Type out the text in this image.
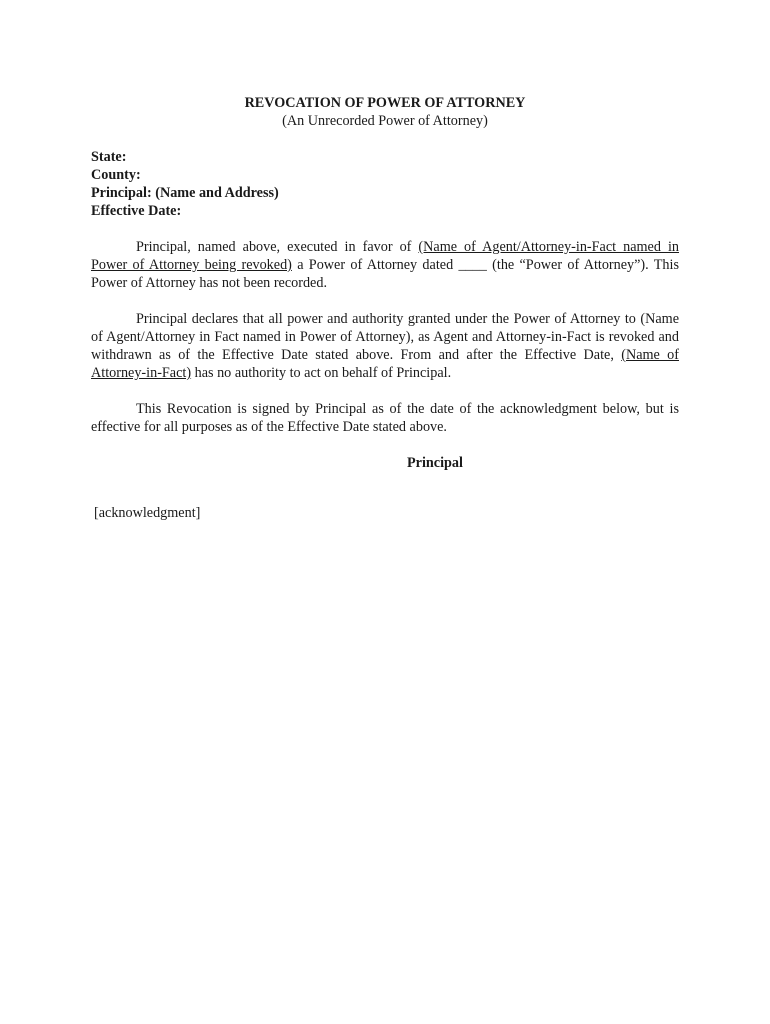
REVOCATION OF POWER OF ATTORNEY
(An Unrecorded Power of Attorney)
State:
County:
Principal: (Name and Address)
Effective Date:

Principal, named above, executed in favor of (Name of Agent/Attorney-in-Fact named in Power of Attorney being revoked) a Power of Attorney dated ____ (the “Power of Attorney”). This Power of Attorney has not been recorded.

Principal declares that all power and authority granted under the Power of Attorney to (Name of Agent/Attorney in Fact named in Power of Attorney), as Agent and Attorney-in-Fact is revoked and withdrawn as of the Effective Date stated above. From and after the Effective Date, (Name of Attorney-in-Fact) has no authority to act on behalf of Principal.

This Revocation is signed by Principal as of the date of the acknowledgment below, but is effective for all purposes as of the Effective Date stated above.

Principal
[acknowledgment]
